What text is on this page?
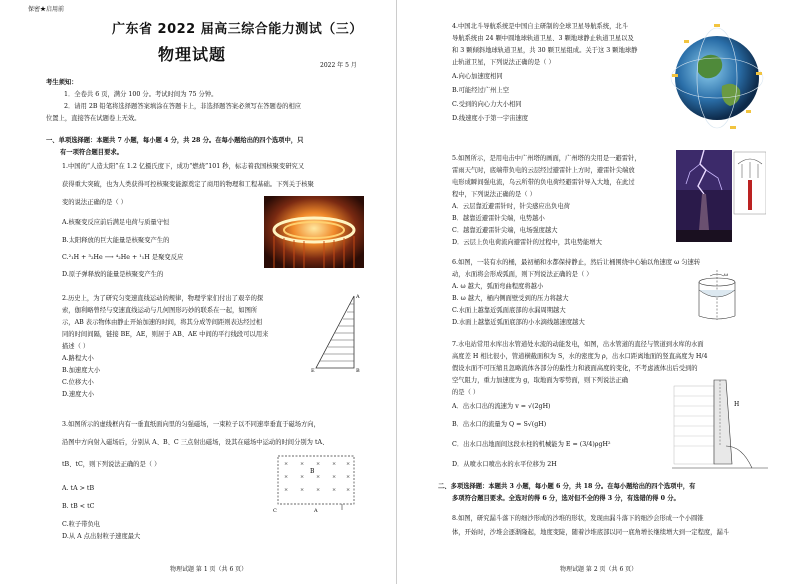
保密★启用前
广东省 2022 届高三综合能力测试（三）
物理试题
2022 年 5 月
考生须知：
1．全卷共 6 页，满分 100 分。考试时间为 75 分钟。
2．请用 2B 铅笔将选择题答案填涂在答题卡上，非选择题答案必须写在答题卷的相应
位置上，直接答在试题卷上无效。
一、单项选择题：本题共 7 小题，每小题 4 分，共 28 分。在每小题给出的四个选项中，只
有一项符合题目要求。
1.中国的“人造太阳”在 1.2 亿摄氏度下，成功“燃烧”101 秒，标志着我国核聚变研究又
获得重大突破，也为人类获得可控核聚变能源奠定了商用的物理和工程基础。下列关于核聚
变的说法正确的是（ ）
A.核聚变反应前后满足电荷与质量守恒
B.太阳释放的巨大能量是核聚变产生的
C.²₁H + ³₂He ⟶ ⁴₂He + ¹₁H 是聚变反应
D.原子弹释放的能量是核聚变产生的
2.历史上，为了研究匀变速直线运动的规律，物理学家们付出了艰辛的探
索，伽利略曾经与变速直线运动与几何图形巧妙的联系在一起，如图所
示，AB 表示物体由静止开始加速的时间，将其分成等间距则表达经过相
同的时间间隔，链接 BE，AE，则居于 AB、AE 中间的平行线段可以用来
描述（ ）
A.路程大小
B.加速度大小
C.位移大小
D.速度大小
A
B
E
3.如图所示的虚线框内有一垂直纸面向里的匀强磁场，一束粒子以不同速率垂直于磁场方向，
沿图中方向射入磁场后，分别从 A、B、C 三点射出磁场，设其在磁场中运动的时间分别为 tA、
tB、tC，则下列说法正确的是（ ）
A. tA > tB
B. tB < tC
C.粒子带负电
D.从 A 点出射粒子速度最大
× × × × ×
× × × × ×
× × × × ×
B
C	A
物理试题 第 1 页（共 6 页）
4.中国北斗导航系统是中国自主研制的全球卫星导航系统，北斗
导航系统由 24 颗中圆地球轨道卫星、3 颗地球静止轨道卫星以及
和 3 颗倾斜地球轨道卫星，共 30 颗卫星组成。关于这 3 颗地球静
止轨道卫星，下列说法正确的是（ ）
A.向心加速度相同
B.可能经过广州上空
C.受到的向心力大小相同
D.线速度小于第一宇宙速度
5.如图所示，是用电击中广州塔的画面，广州塔的尖用是一避雷针，
雷雨天气时，底端带负电的云层经过避雷针上方时，避雷针尖端放
电形成瞬间强电流，乌云所带的负电荷经避雷针导入大地，在此过
程中，下列说法正确的是（ ）
A．云层靠近避雷针时，针尖感应出负电荷
B．越靠近避雷针尖端，电势越小
C．越靠近避雷针尖端，电场强度越大
D．云层上负电荷流向避雷针的过程中，其电势能增大
6.如图，一装有水的桶，最初桶和水都保持静止，然后让桶围绕中心轴以角速度 ω 匀速转
动，水面将会形成弧面，则下列说法正确的是（ ）
A. ω 越大，弧面弯曲程度将越小
B. ω 越大，桶内侧面壁受到的压力将越大
C.水面上越靠近弧面底部的水漏周期越大
D.水面上越靠近弧面底部的小水滴线越速度越大
ω
7.水电站常用水库出水管道处水流的动能发电，如图，出水管道的直径与管道到水库的水面
高度差 H 相比很小，管道横截面积为 S，水的密度为 ρ，出水口距离地面的竖直高度为 H/4
假设水面不可压缩且忽略流体各部分的黏性力和液面高度的变化，不考虑液体出后受到的
空气阻力，重力加速度为 g，取地面为零势面，则下列说法正确
的是（ ）
A．出水口出的流速为 v = √(2gH)
B．出水口的流量为 Q = S√(gH)
C．出水口出地面间这段水柱的机械能为 E = (3/4)ρgH²
D．从喷水口喷出水的水平位移为 2H
H
二、多项选择题：本题共 3 小题，每小题 6 分，共 18 分。在每小题给出的四个选项中，有
多项符合题目要求。全选对的得 6 分，选对但不全的得 3 分，有选错的得 0 分。
8.如图，研究漏斗落下的细沙形成的沙堆的形状，发现由漏斗落下的细沙会形成一个小圆锥
体，开始时，沙堆会逐渐隆起，地度变陡，随着沙堆底部以同一底角增长继续增大到一定程度，漏斗
物理试题 第 2 页（共 6 页）
